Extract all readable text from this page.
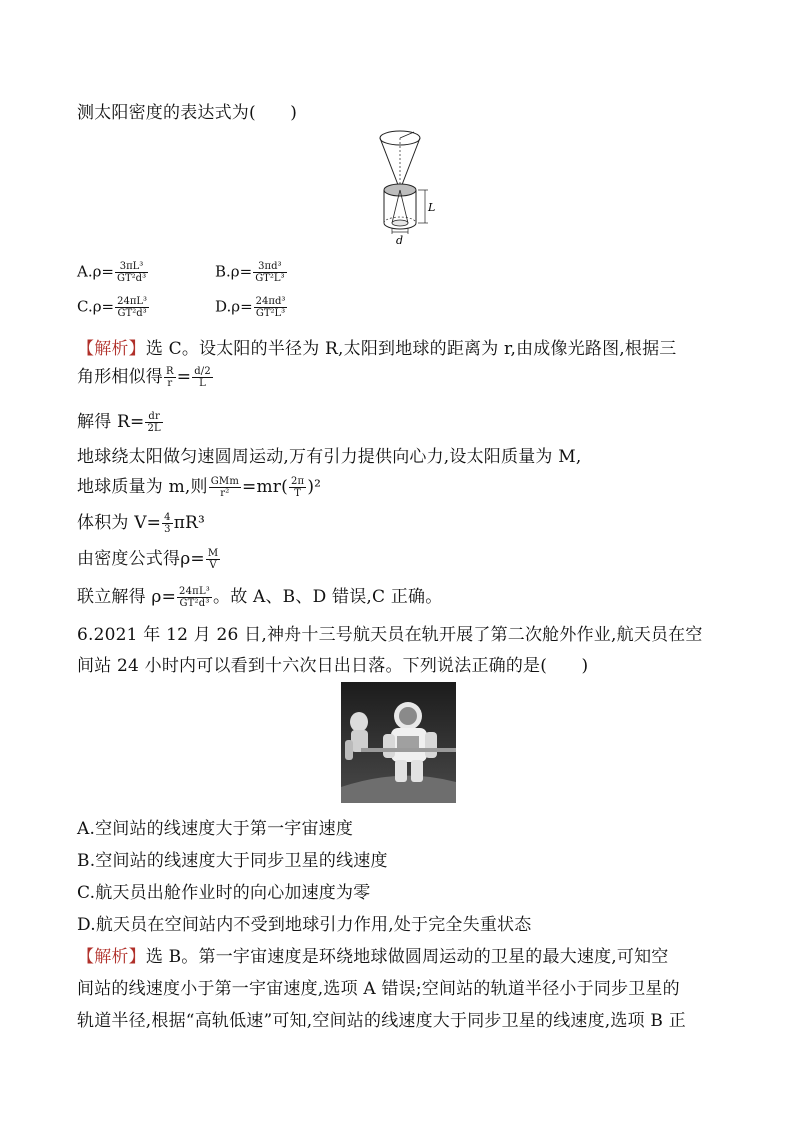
测太阳密度的表达式为(　　)
L
d
$A.\rho= \frac{\text{3πL³}}{\text{GT²d³}}$	$B.\rho= \frac{\text{3πd³}}{\text{GT²L³}}$
$C.\rho= \frac{\text{24πL³}}{\text{GT²d³}}$	$D.\rho= \frac{\text{24πd³}}{\text{GT²L³}}$
【解析】选 C。设太阳的半径为 R,太阳到地球的距离为 r,由成像光路图,根据三
角形相似得 $\frac{R}{r} = \frac{d/2}{L}$
解得 $R= \frac{dr}{2L}$
地球绕太阳做匀速圆周运动,万有引力提供向心力,设太阳质量为 M,
地球质量为 m,则 $\frac{\text{GMm}}{\text{r²}} =mr( \frac{2\pi}{T} )^2$
体积为 $V= \frac{4}{3} \pi R^3$
由密度公式得$\rho= \frac{M}{V}$
联立解得 $\rho= \frac{\text{24πL³}}{\text{GT²d³}}$ 。故 A、B、D 错误,C 正确。
6.2021 年 12 月 26 日,神舟十三号航天员在轨开展了第二次舱外作业,航天员在空
间站 24 小时内可以看到十六次日出日落。下列说法正确的是(　　)
A.空间站的线速度大于第一宇宙速度
B.空间站的线速度大于同步卫星的线速度
C.航天员出舱作业时的向心加速度为零
D.航天员在空间站内不受到地球引力作用,处于完全失重状态
【解析】选 B。第一宇宙速度是环绕地球做圆周运动的卫星的最大速度,可知空
间站的线速度小于第一宇宙速度,选项 A 错误;空间站的轨道半径小于同步卫星的
轨道半径,根据“高轨低速”可知,空间站的线速度大于同步卫星的线速度,选项 B 正
